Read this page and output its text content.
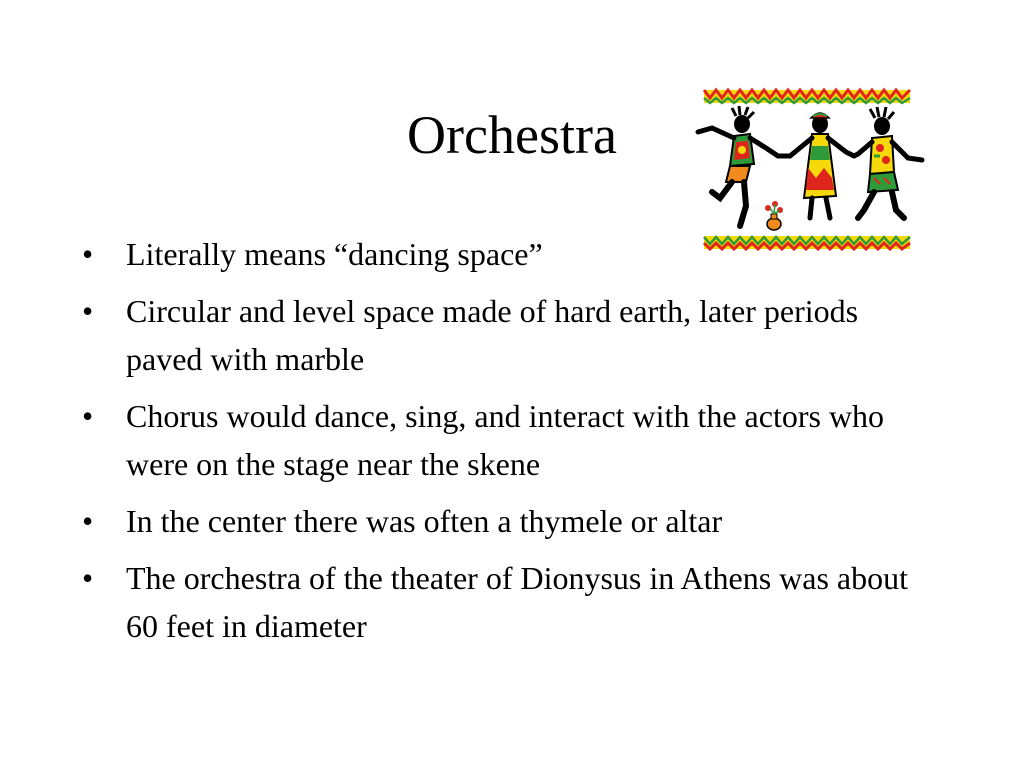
Orchestra
•	Literally means “dancing space”
•	Circular and level space made of hard earth, later periods paved with marble
•	Chorus would dance, sing, and interact with the actors who were on the stage near the skene
•	In the center there was often a thymele or altar
•	The orchestra of the theater of Dionysus in Athens was about 60 feet in diameter
